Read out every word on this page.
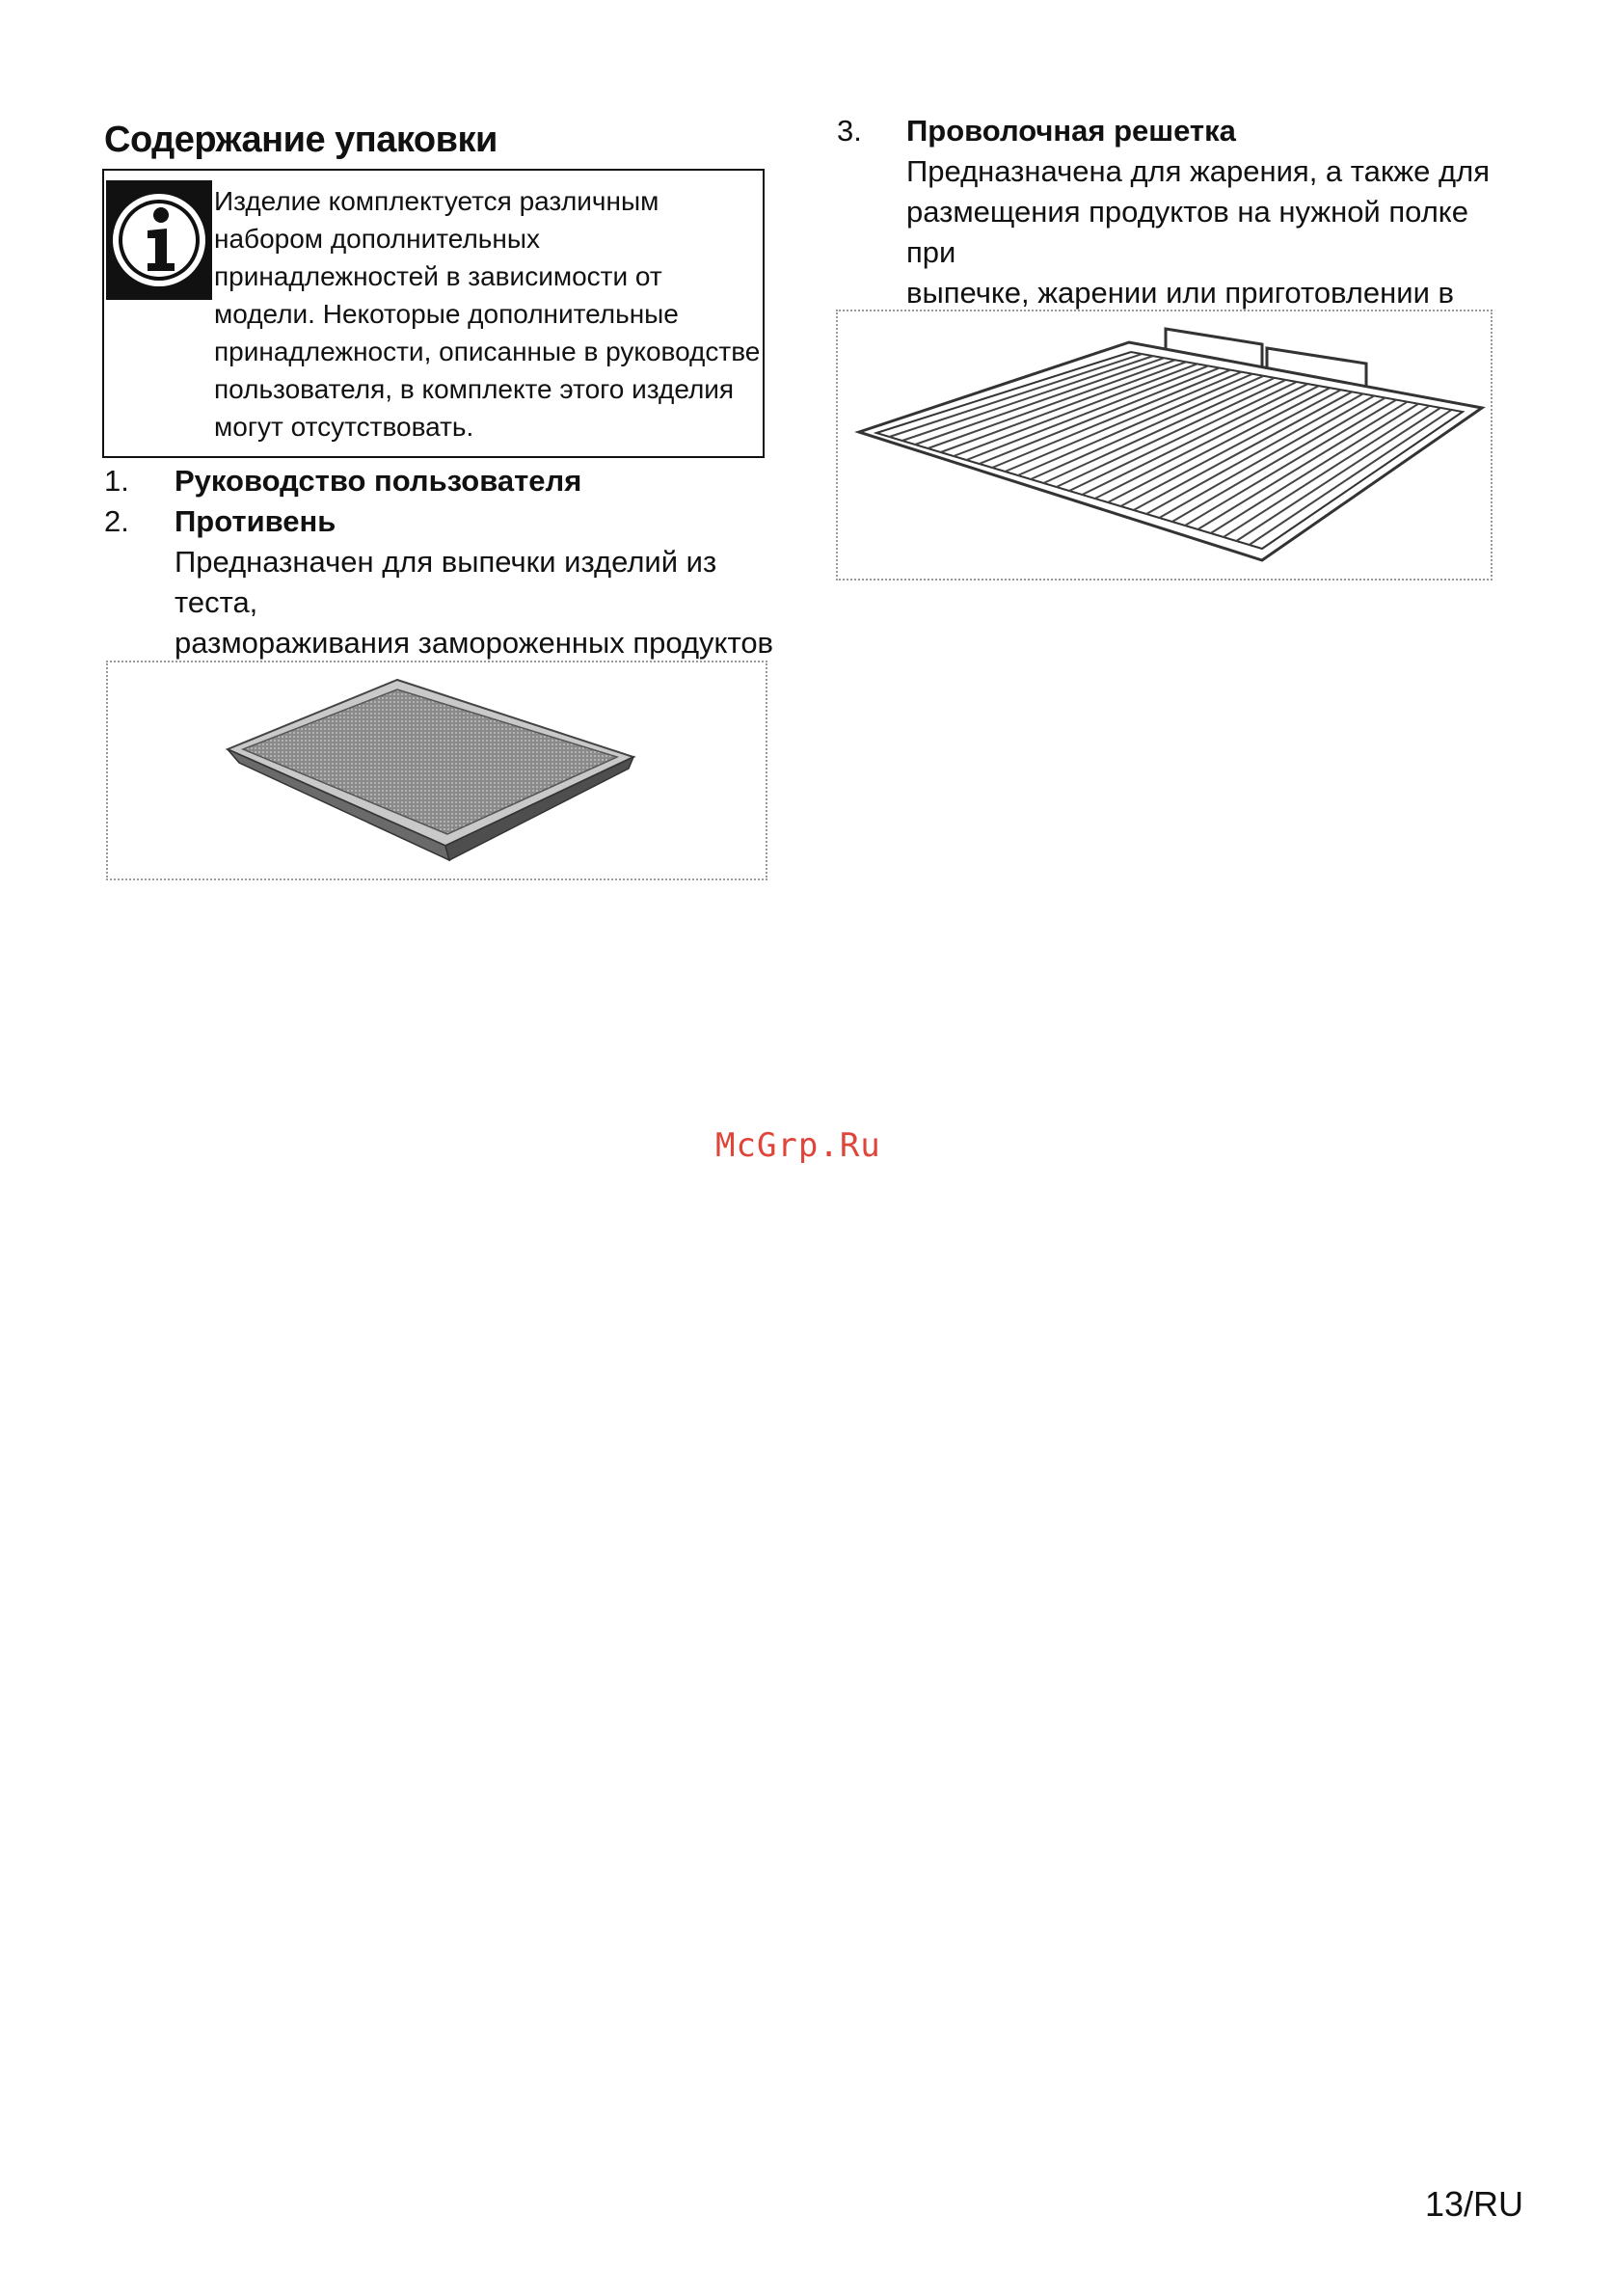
Содержание упаковки
Изделие комплектуется различным
набором дополнительных
принадлежностей в зависимости от
модели. Некоторые дополнительные
принадлежности, описанные в руководстве
пользователя, в комплекте этого изделия
могут отсутствовать.
1. Руководство пользователя
2. Противень
Предназначен для выпечки изделий из теста,
размораживания замороженных продуктов
3. Проволочная решетка
Предназначена для жарения, а также для
размещения продуктов на нужной полке при
выпечке, жарении или приготовлении в
McGrp.Ru
13/RU
